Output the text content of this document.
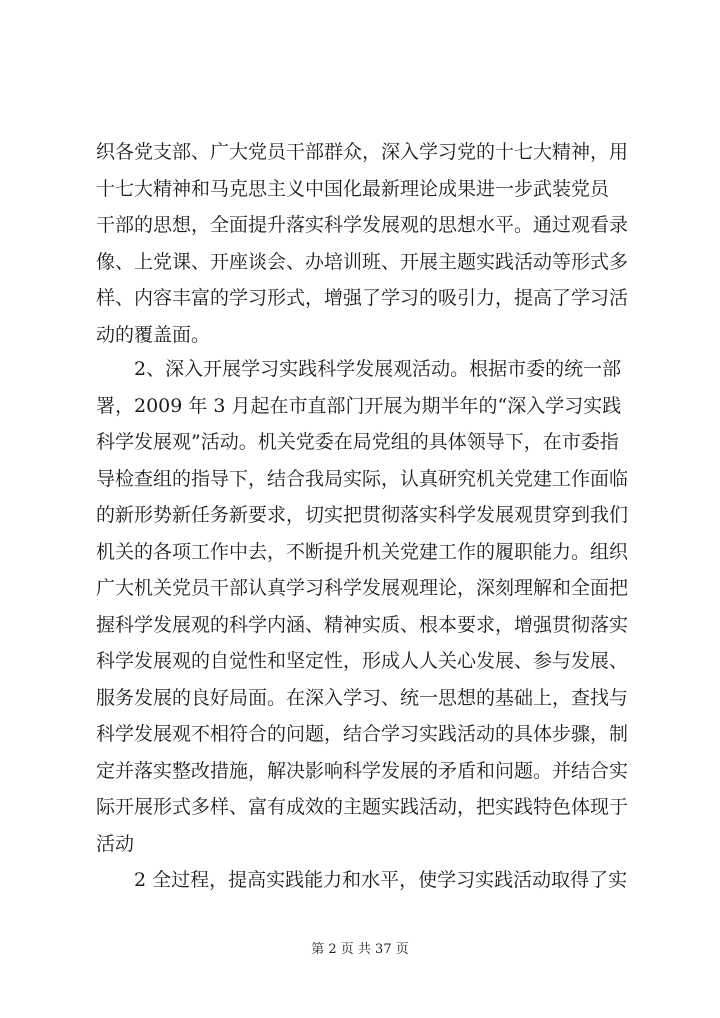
织各党支部、广大党员干部群众，深入学习党的十七大精神，用
十七大精神和马克思主义中国化最新理论成果进一步武装党员
干部的思想，全面提升落实科学发展观的思想水平。通过观看录
像、上党课、开座谈会、办培训班、开展主题实践活动等形式多
样、内容丰富的学习形式，增强了学习的吸引力，提高了学习活
动的覆盖面。
2、深入开展学习实践科学发展观活动。根据市委的统一部
署，2009 年 3 月起在市直部门开展为期半年的“深入学习实践
科学发展观”活动。机关党委在局党组的具体领导下，在市委指
导检查组的指导下，结合我局实际，认真研究机关党建工作面临
的新形势新任务新要求，切实把贯彻落实科学发展观贯穿到我们
机关的各项工作中去，不断提升机关党建工作的履职能力。组织
广大机关党员干部认真学习科学发展观理论，深刻理解和全面把
握科学发展观的科学内涵、精神实质、根本要求，增强贯彻落实
科学发展观的自觉性和坚定性，形成人人关心发展、参与发展、
服务发展的良好局面。在深入学习、统一思想的基础上，查找与
科学发展观不相符合的问题，结合学习实践活动的具体步骤，制
定并落实整改措施，解决影响科学发展的矛盾和问题。并结合实
际开展形式多样、富有成效的主题实践活动，把实践特色体现于
活动
2 全过程，提高实践能力和水平，使学习实践活动取得了实
第 2 页 共 37 页
